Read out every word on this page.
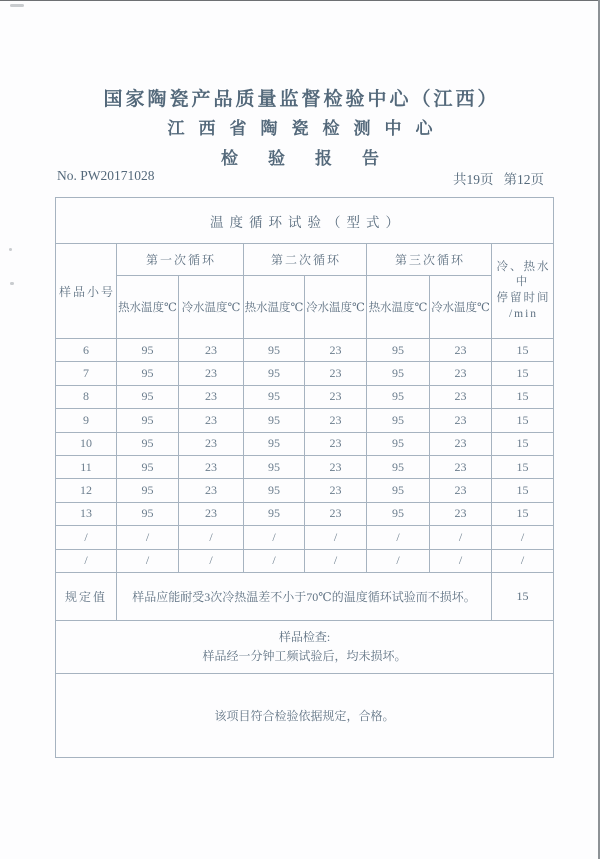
国家陶瓷产品质量监督检验中心（江西）
江西省陶瓷检测中心
检验报告
No. PW20171028	共19页 第12页
温度循环试验（型式）							
样品小号	第一次循环		第二次循环		第三次循环		冷、热水中
停留时间
/min

	热水温度℃	冷水温度℃	热水温度℃	冷水温度℃	热水温度℃	冷水温度℃	
6	95	23	95	23	95	23	15
7	95	23	95	23	95	23	15
8	95	23	95	23	95	23	15
9	95	23	95	23	95	23	15
10	95	23	95	23	95	23	15
11	95	23	95	23	95	23	15
12	95	23	95	23	95	23	15
13	95	23	95	23	95	23	15
/	/	/	/	/	/	/	/
/	/	/	/	/	/	/	/
规定值	样品应能耐受3次冷热温差不小于70℃的温度循环试验而不损坏。						15

样品检查:
样品经一分钟工频试验后，均未损坏。							

该项目符合检验依据规定，合格。							
